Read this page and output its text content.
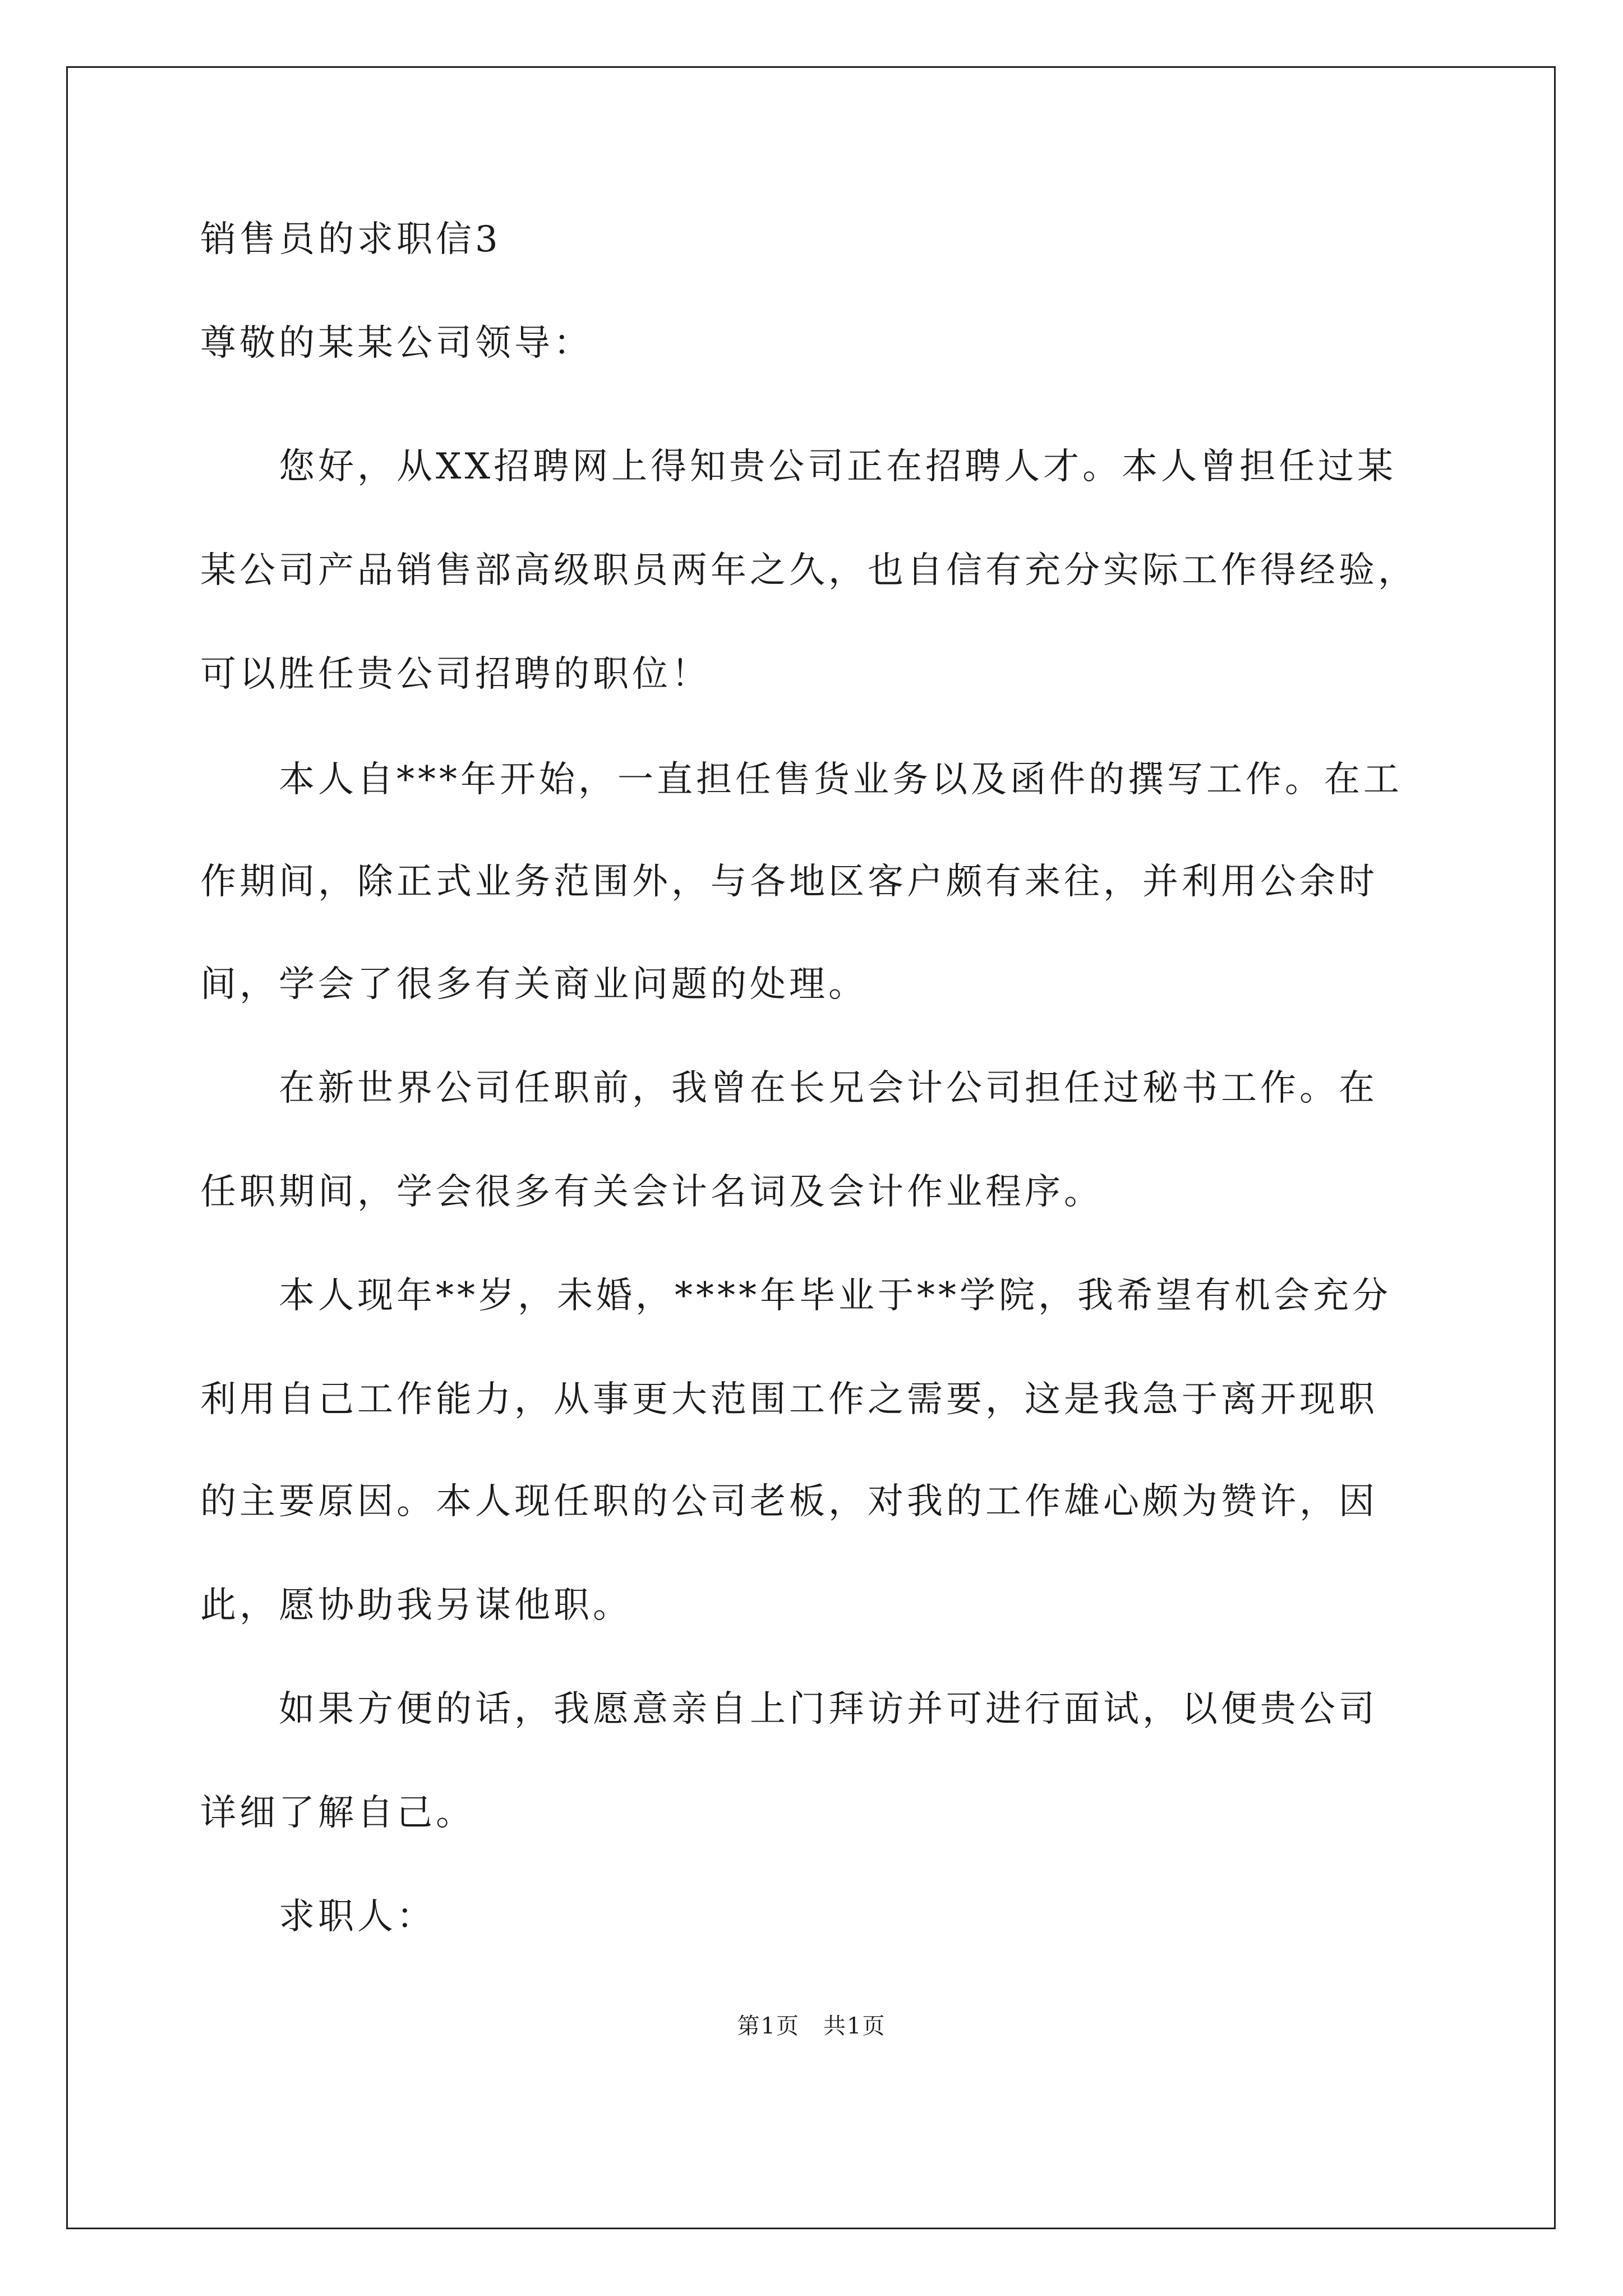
销售员的求职信3
尊敬的某某公司领导：
　　您好，从XX招聘网上得知贵公司正在招聘人才。本人曾担任过某
某公司产品销售部高级职员两年之久，也自信有充分实际工作得经验，
可以胜任贵公司招聘的职位！
　　本人自***年开始，一直担任售货业务以及函件的撰写工作。在工
作期间，除正式业务范围外，与各地区客户颇有来往，并利用公余时
间，学会了很多有关商业问题的处理。
　　在新世界公司任职前，我曾在长兄会计公司担任过秘书工作。在
任职期间，学会很多有关会计名词及会计作业程序。
　　本人现年**岁，未婚，****年毕业于**学院，我希望有机会充分
利用自己工作能力，从事更大范围工作之需要，这是我急于离开现职
的主要原因。本人现任职的公司老板，对我的工作雄心颇为赞许，因
此，愿协助我另谋他职。
　　如果方便的话，我愿意亲自上门拜访并可进行面试，以便贵公司
详细了解自己。
　　求职人：
第1页　共1页
